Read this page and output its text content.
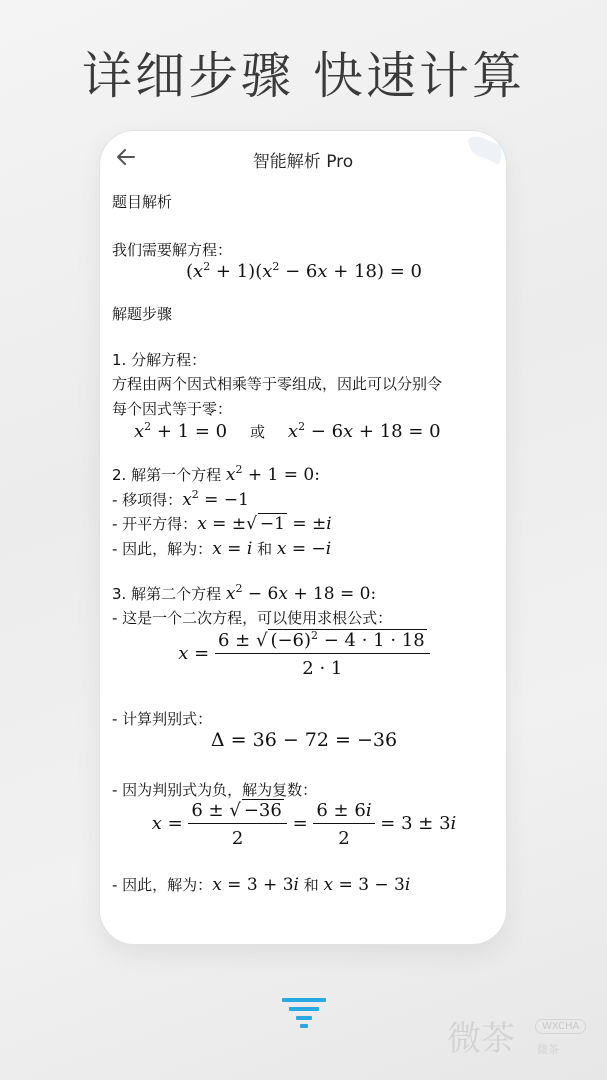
详细步骤 快速计算
智能解析 Pro
题目解析
我们需要解方程：
$(x^2 + 1)(x^2 - 6x + 18) = 0$
解题步骤
1. 分解方程：
方程由两个因式相乘等于零组成，因此可以分别令
每个因式等于零：
$x^2 + 1 = 0$    或 $x^2 - 6x + 18 = 0$
2. 解第一个方程 $x^2 + 1 = 0$:
- 移项得：$x^2 = -1$
- 开平方得：x = ±√ −1 = ±i
- 因此，解为：x = i 和 x = −i
3. 解第二个方程 $x^2 - 6x + 18 = 0$:
- 这是一个二次方程，可以使用求根公式：
$x = \frac{6 \pm √ (-6)^2 - 4 \cdot 1 \cdot 18}{2 \cdot 1}$
- 计算判别式：
Δ = 36 − 72 = −36
- 因为判别式为负，解为复数：
$x = \frac{6 \pm √ -36}{2} = \frac{6 \pm 6i}{2} = 3 \pm 3i$
- 因此，解为：x = 3 + 3i 和 x = 3 − 3i
微茶	WXCHA
微茶
